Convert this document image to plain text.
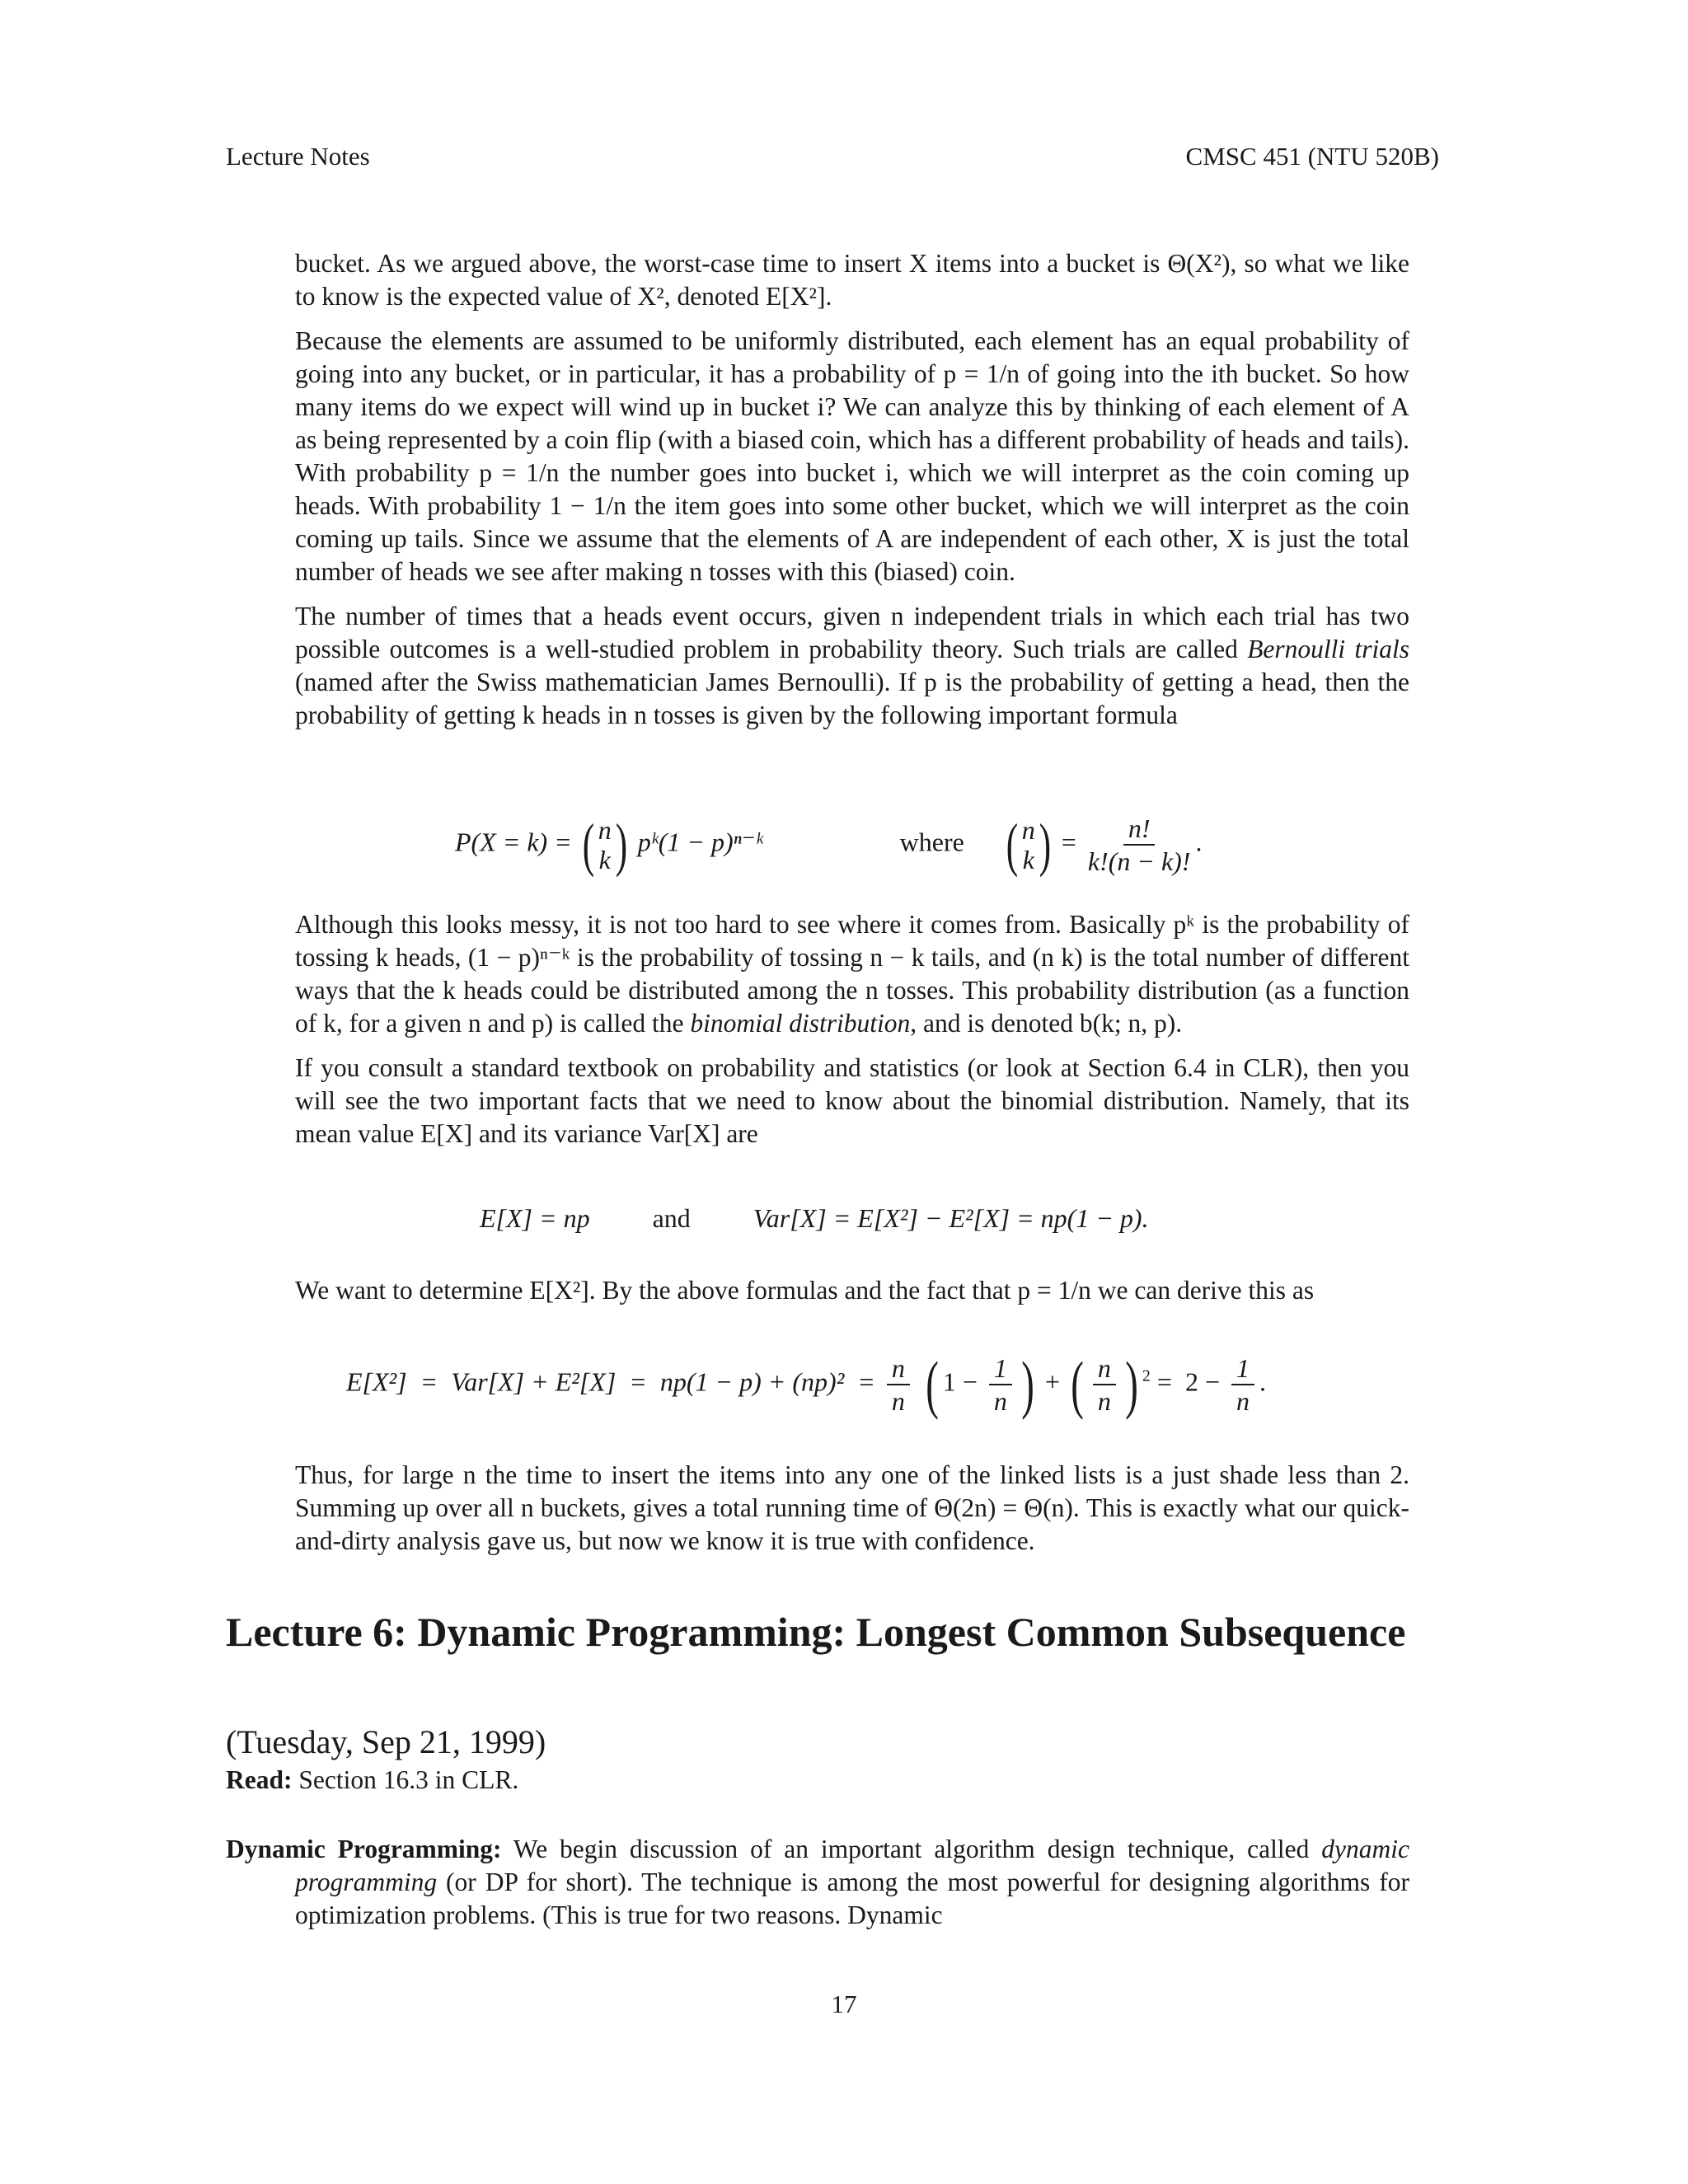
Lecture Notes	CMSC 451 (NTU 520B)

bucket. As we argued above, the worst-case time to insert X items into a bucket is Θ(X²), so what we like to know is the expected value of X², denoted E[X²].

Because the elements are assumed to be uniformly distributed, each element has an equal probability of going into any bucket, or in particular, it has a probability of p = 1/n of going into the ith bucket. So how many items do we expect will wind up in bucket i? We can analyze this by thinking of each element of A as being represented by a coin flip (with a biased coin, which has a different probability of heads and tails). With probability p = 1/n the number goes into bucket i, which we will interpret as the coin coming up heads. With probability 1 − 1/n the item goes into some other bucket, which we will interpret as the coin coming up tails. Since we assume that the elements of A are independent of each other, X is just the total number of heads we see after making n tosses with this (biased) coin.

The number of times that a heads event occurs, given n independent trials in which each trial has two possible outcomes is a well-studied problem in probability theory. Such trials are called Bernoulli trials (named after the Swiss mathematician James Bernoulli). If p is the probability of getting a head, then the probability of getting k heads in n tosses is given by the following important formula

P(X = k) = ( n
k ) pᵏ(1 − p)ⁿ⁻ᵏ	where ( n
k ) = $\frac{n!}{k!(n - k)!}$ .

Although this looks messy, it is not too hard to see where it comes from. Basically pᵏ is the probability of tossing k heads, (1 − p)ⁿ⁻ᵏ is the probability of tossing n − k tails, and (n k) is the total number of different ways that the k heads could be distributed among the n tosses. This probability distribution (as a function of k, for a given n and p) is called the binomial distribution, and is denoted b(k; n, p).

If you consult a standard textbook on probability and statistics (or look at Section 6.4 in CLR), then you will see the two important facts that we need to know about the binomial distribution. Namely, that its mean value E[X] and its variance Var[X] are

E[X] = np and Var[X] = E[X²] − E²[X] = np(1 − p).

We want to determine E[X²]. By the above formulas and the fact that p = 1/n we can derive this as

$E[X^2] = Var[X] + E^2[X] = np(1 - p) + (np)^2 = \frac{n}{n}$ ( $1 - \frac{1}{n}$ ) + ( $\frac{n}{n}$ ) $^2 = 2 - \frac{1}{n}$ .

Thus, for large n the time to insert the items into any one of the linked lists is a just shade less than 2. Summing up over all n buckets, gives a total running time of Θ(2n) = Θ(n). This is exactly what our quick-and-dirty analysis gave us, but now we know it is true with confidence.

Lecture 6: Dynamic Programming: Longest Common Subsequence
(Tuesday, Sep 21, 1999)
Read: Section 16.3 in CLR.
Dynamic Programming: We begin discussion of an important algorithm design technique, called dynamic programming (or DP for short). The technique is among the most powerful for designing algorithms for optimization problems. (This is true for two reasons. Dynamic
17
